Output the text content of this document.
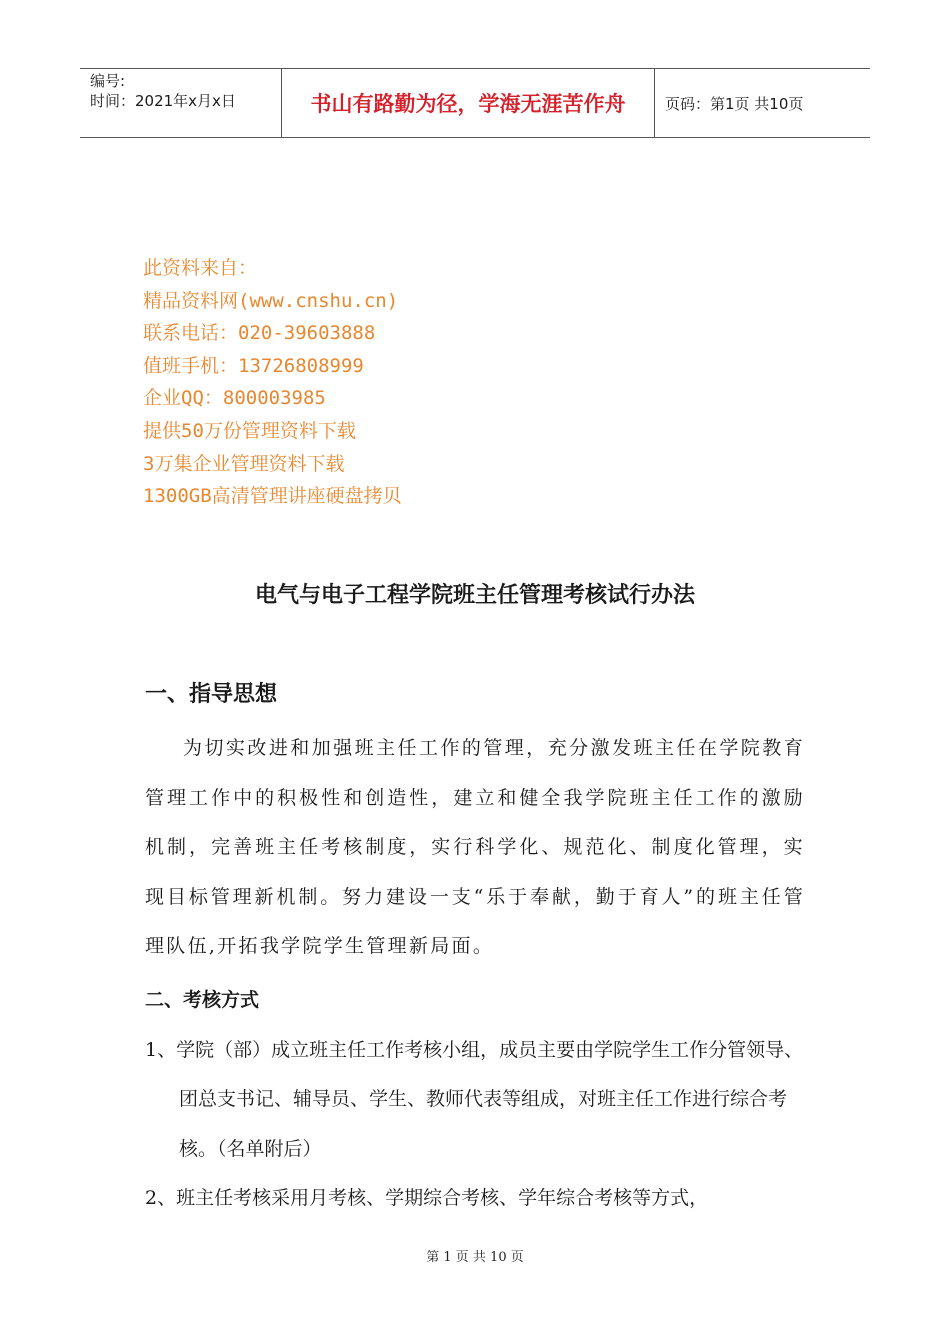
编号:
时间：2021年x月x日	书山有路勤为径，学海无涯苦作舟	页码：第1页 共10页
此资料来自：
精品资料网(www.cnshu.cn)
联系电话：020-39603888
值班手机：13726808999
企业QQ：800003985
提供50万份管理资料下载
3万集企业管理资料下载
1300GB高清管理讲座硬盘拷贝
电气与电子工程学院班主任管理考核试行办法
一、指导思想
为切实改进和加强班主任工作的管理，充分激发班主任在学院教育管理工作中的积极性和创造性，建立和健全我学院班主任工作的激励机制，完善班主任考核制度，实行科学化、规范化、制度化管理，实现目标管理新机制。努力建设一支“乐于奉献，勤于育人”的班主任管理队伍,开拓我学院学生管理新局面。
二、考核方式
1、学院（部）成立班主任工作考核小组，成员主要由学院学生工作分管领导、团总支书记、辅导员、学生、教师代表等组成，对班主任工作进行综合考核。（名单附后）
2、班主任考核采用月考核、学期综合考核、学年综合考核等方式，
第 1 页 共 10 页
